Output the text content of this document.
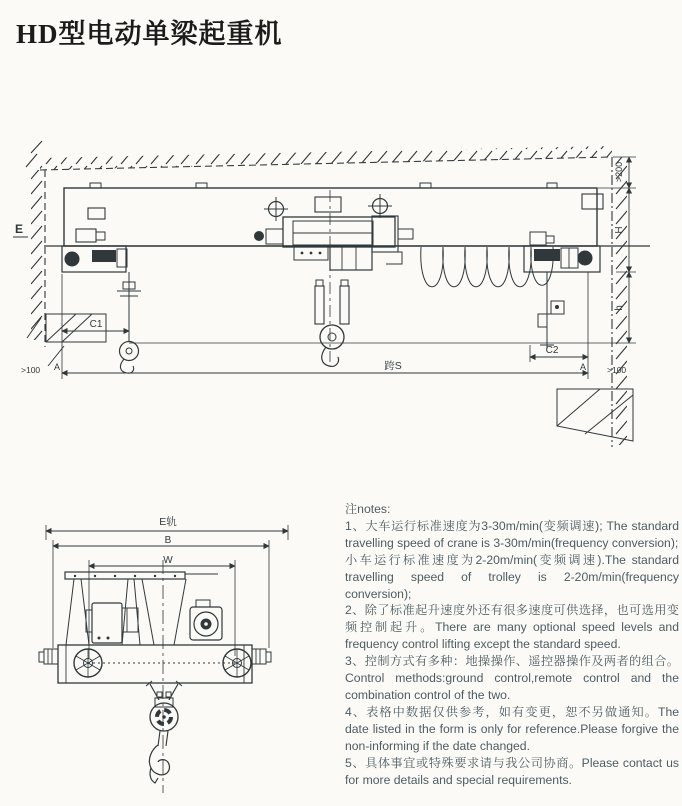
HD型电动单梁起重机
C1
C2
跨S
A	A
>100	>100
>200
H
h
E
E轨
B
W

注notes:

1、大车运行标准速度为3-30m/min(变频调速); The standard travelling speed of crane is 3-30m/min(frequency conversion);

小车运行标准速度为2-20m/min(变频调速).The standard travelling speed of trolley is 2-20m/min(frequency conversion);

2、除了标准起升速度外还有很多速度可供选择，也可选用变频控制起升。There are many optional speed levels and frequency control lifting except the standard speed.

3、控制方式有多种：地操操作、遥控器操作及两者的组合。Control methods:ground control,remote control and the combination control of the two.

4、表格中数据仅供参考，如有变更，恕不另做通知。The date listed in the form is only for reference.Please forgive the non-informing if the date changed.

5、具体事宜或特殊要求请与我公司协商。Please contact us for more details and special requirements.
